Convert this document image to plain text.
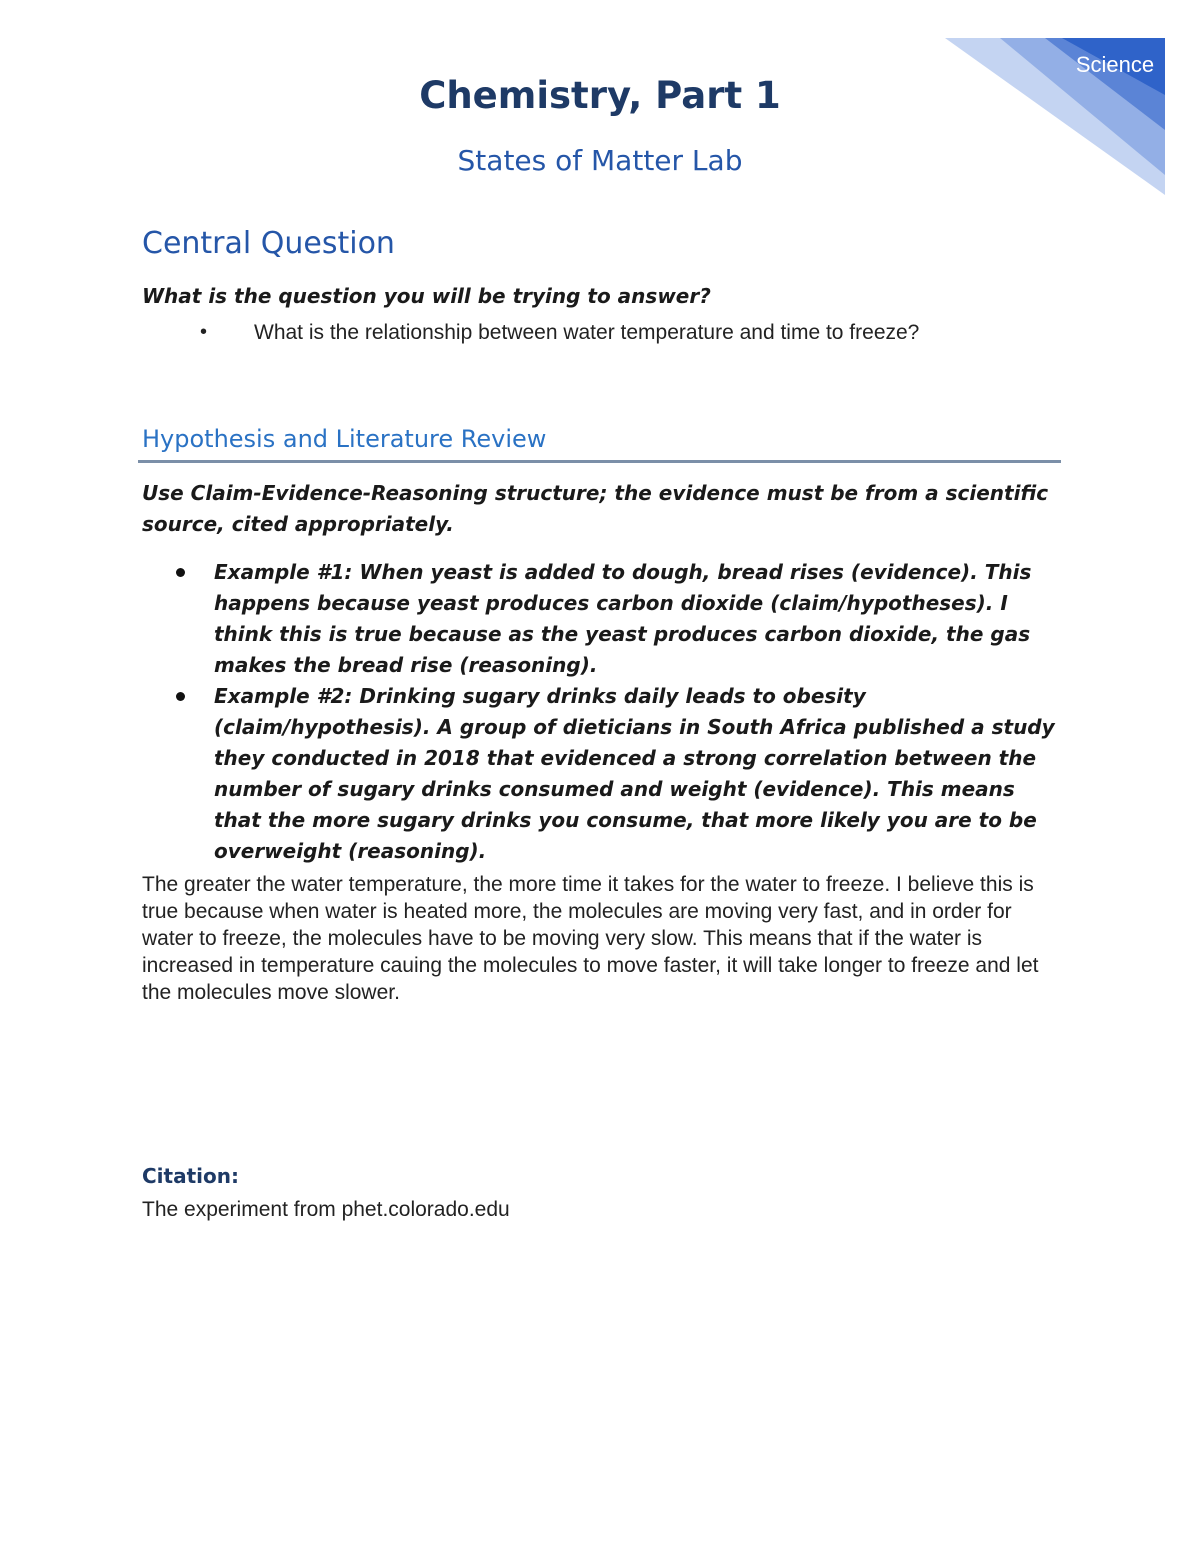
Science
Chemistry, Part 1
States of Matter Lab
Central Question
What is the question you will be trying to answer?
• What is the relationship between water temperature and time to freeze?
Hypothesis and Literature Review

Use Claim-Evidence-Reasoning structure; the evidence must be from a scientific source, cited appropriately.

Example #1: When yeast is added to dough, bread rises (evidence). This happens because yeast produces carbon dioxide (claim/hypotheses). I think this is true because as the yeast produces carbon dioxide, the gas makes the bread rise (reasoning).
Example #2: Drinking sugary drinks daily leads to obesity (claim/hypothesis). A group of dieticians in South Africa published a study they conducted in 2018 that evidenced a strong correlation between the number of sugary drinks consumed and weight (evidence). This means that the more sugary drinks you consume, that more likely you are to be overweight (reasoning).

The greater the water temperature, the more time it takes for the water to freeze. I believe this is true because when water is heated more, the molecules are moving very fast, and in order for water to freeze, the molecules have to be moving very slow. This means that if the water is increased in temperature cauing the molecules to move faster, it will take longer to freeze and let the molecules move slower.

Citation:
The experiment from phet.colorado.edu
